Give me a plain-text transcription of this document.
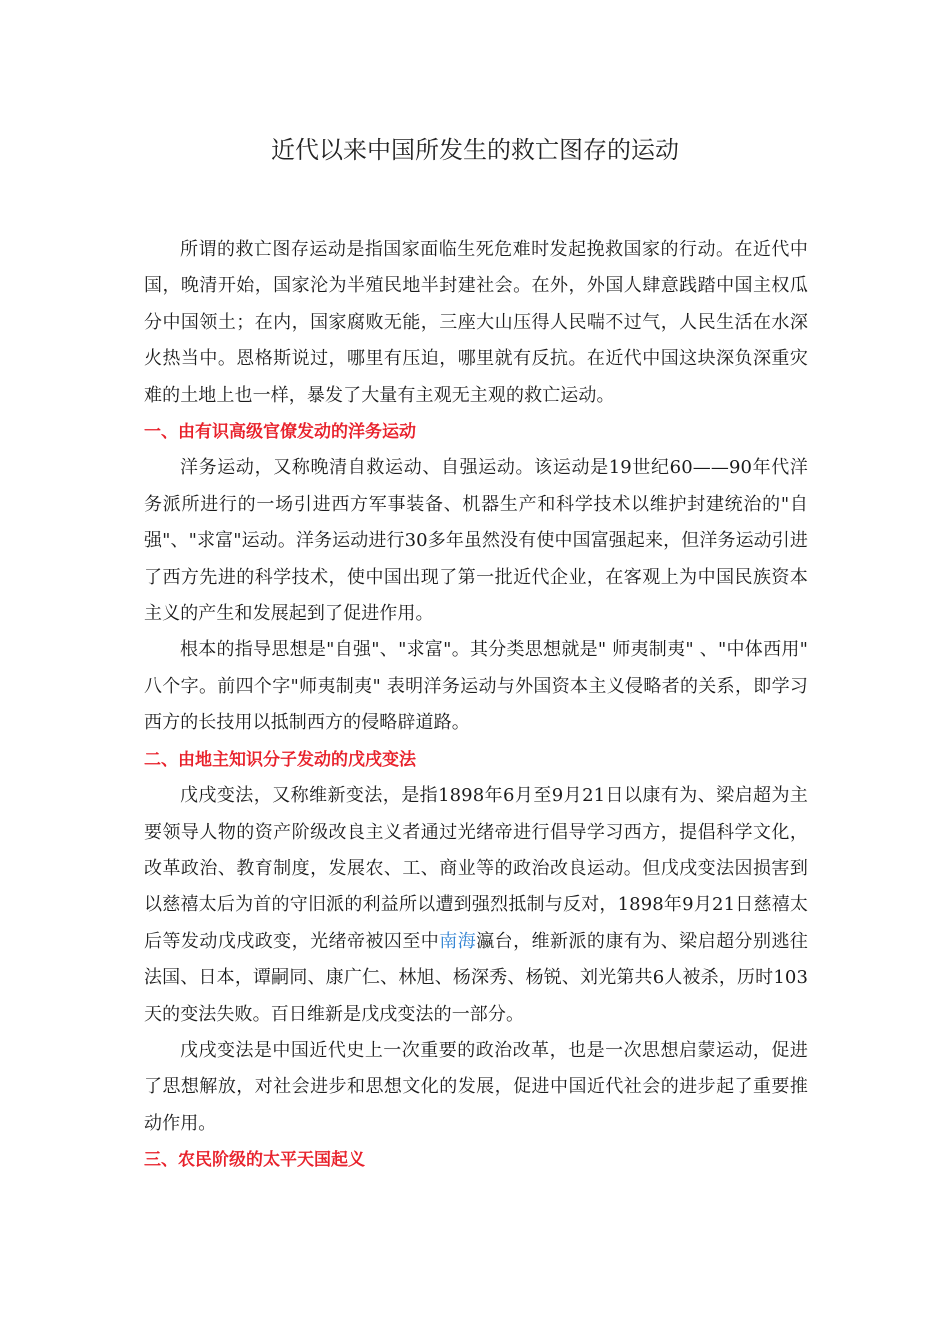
近代以来中国所发生的救亡图存的运动

所谓的救亡图存运动是指国家面临生死危难时发起挽救国家的行动。在近代中国，晚清开始，国家沦为半殖民地半封建社会。在外，外国人肆意践踏中国主权瓜分中国领土；在内，国家腐败无能，三座大山压得人民喘不过气，人民生活在水深火热当中。恩格斯说过，哪里有压迫，哪里就有反抗。在近代中国这块深负深重灾难的土地上也一样，暴发了大量有主观无主观的救亡运动。

一、由有识高级官僚发动的洋务运动

洋务运动，又称晚清自救运动、自强运动。该运动是19世纪60——90年代洋务派所进行的一场引进西方军事装备、机器生产和科学技术以维护封建统治的"自强"、"求富"运动。洋务运动进行30多年虽然没有使中国富强起来，但洋务运动引进了西方先进的科学技术，使中国出现了第一批近代企业，在客观上为中国民族资本主义的产生和发展起到了促进作用。

根本的指导思想是"自强"、"求富"。其分类思想就是" 师夷制夷" 、"中体西用" 八个字。前四个字"师夷制夷" 表明洋务运动与外国资本主义侵略者的关系，即学习西方的长技用以抵制西方的侵略辟道路。

二、由地主知识分子发动的戊戌变法

戊戌变法，又称维新变法，是指1898年6月至9月21日以康有为、梁启超为主要领导人物的资产阶级改良主义者通过光绪帝进行倡导学习西方，提倡科学文化，改革政治、教育制度，发展农、工、商业等的政治改良运动。但戊戌变法因损害到以慈禧太后为首的守旧派的利益所以遭到强烈抵制与反对，1898年9月21日慈禧太后等发动戊戌政变，光绪帝被囚至中南海瀛台，维新派的康有为、梁启超分别逃往法国、日本，谭嗣同、康广仁、林旭、杨深秀、杨锐、刘光第共6人被杀，历时103天的变法失败。百日维新是戊戌变法的一部分。

戊戌变法是中国近代史上一次重要的政治改革，也是一次思想启蒙运动，促进了思想解放，对社会进步和思想文化的发展，促进中国近代社会的进步起了重要推动作用。

三、农民阶级的太平天国起义
